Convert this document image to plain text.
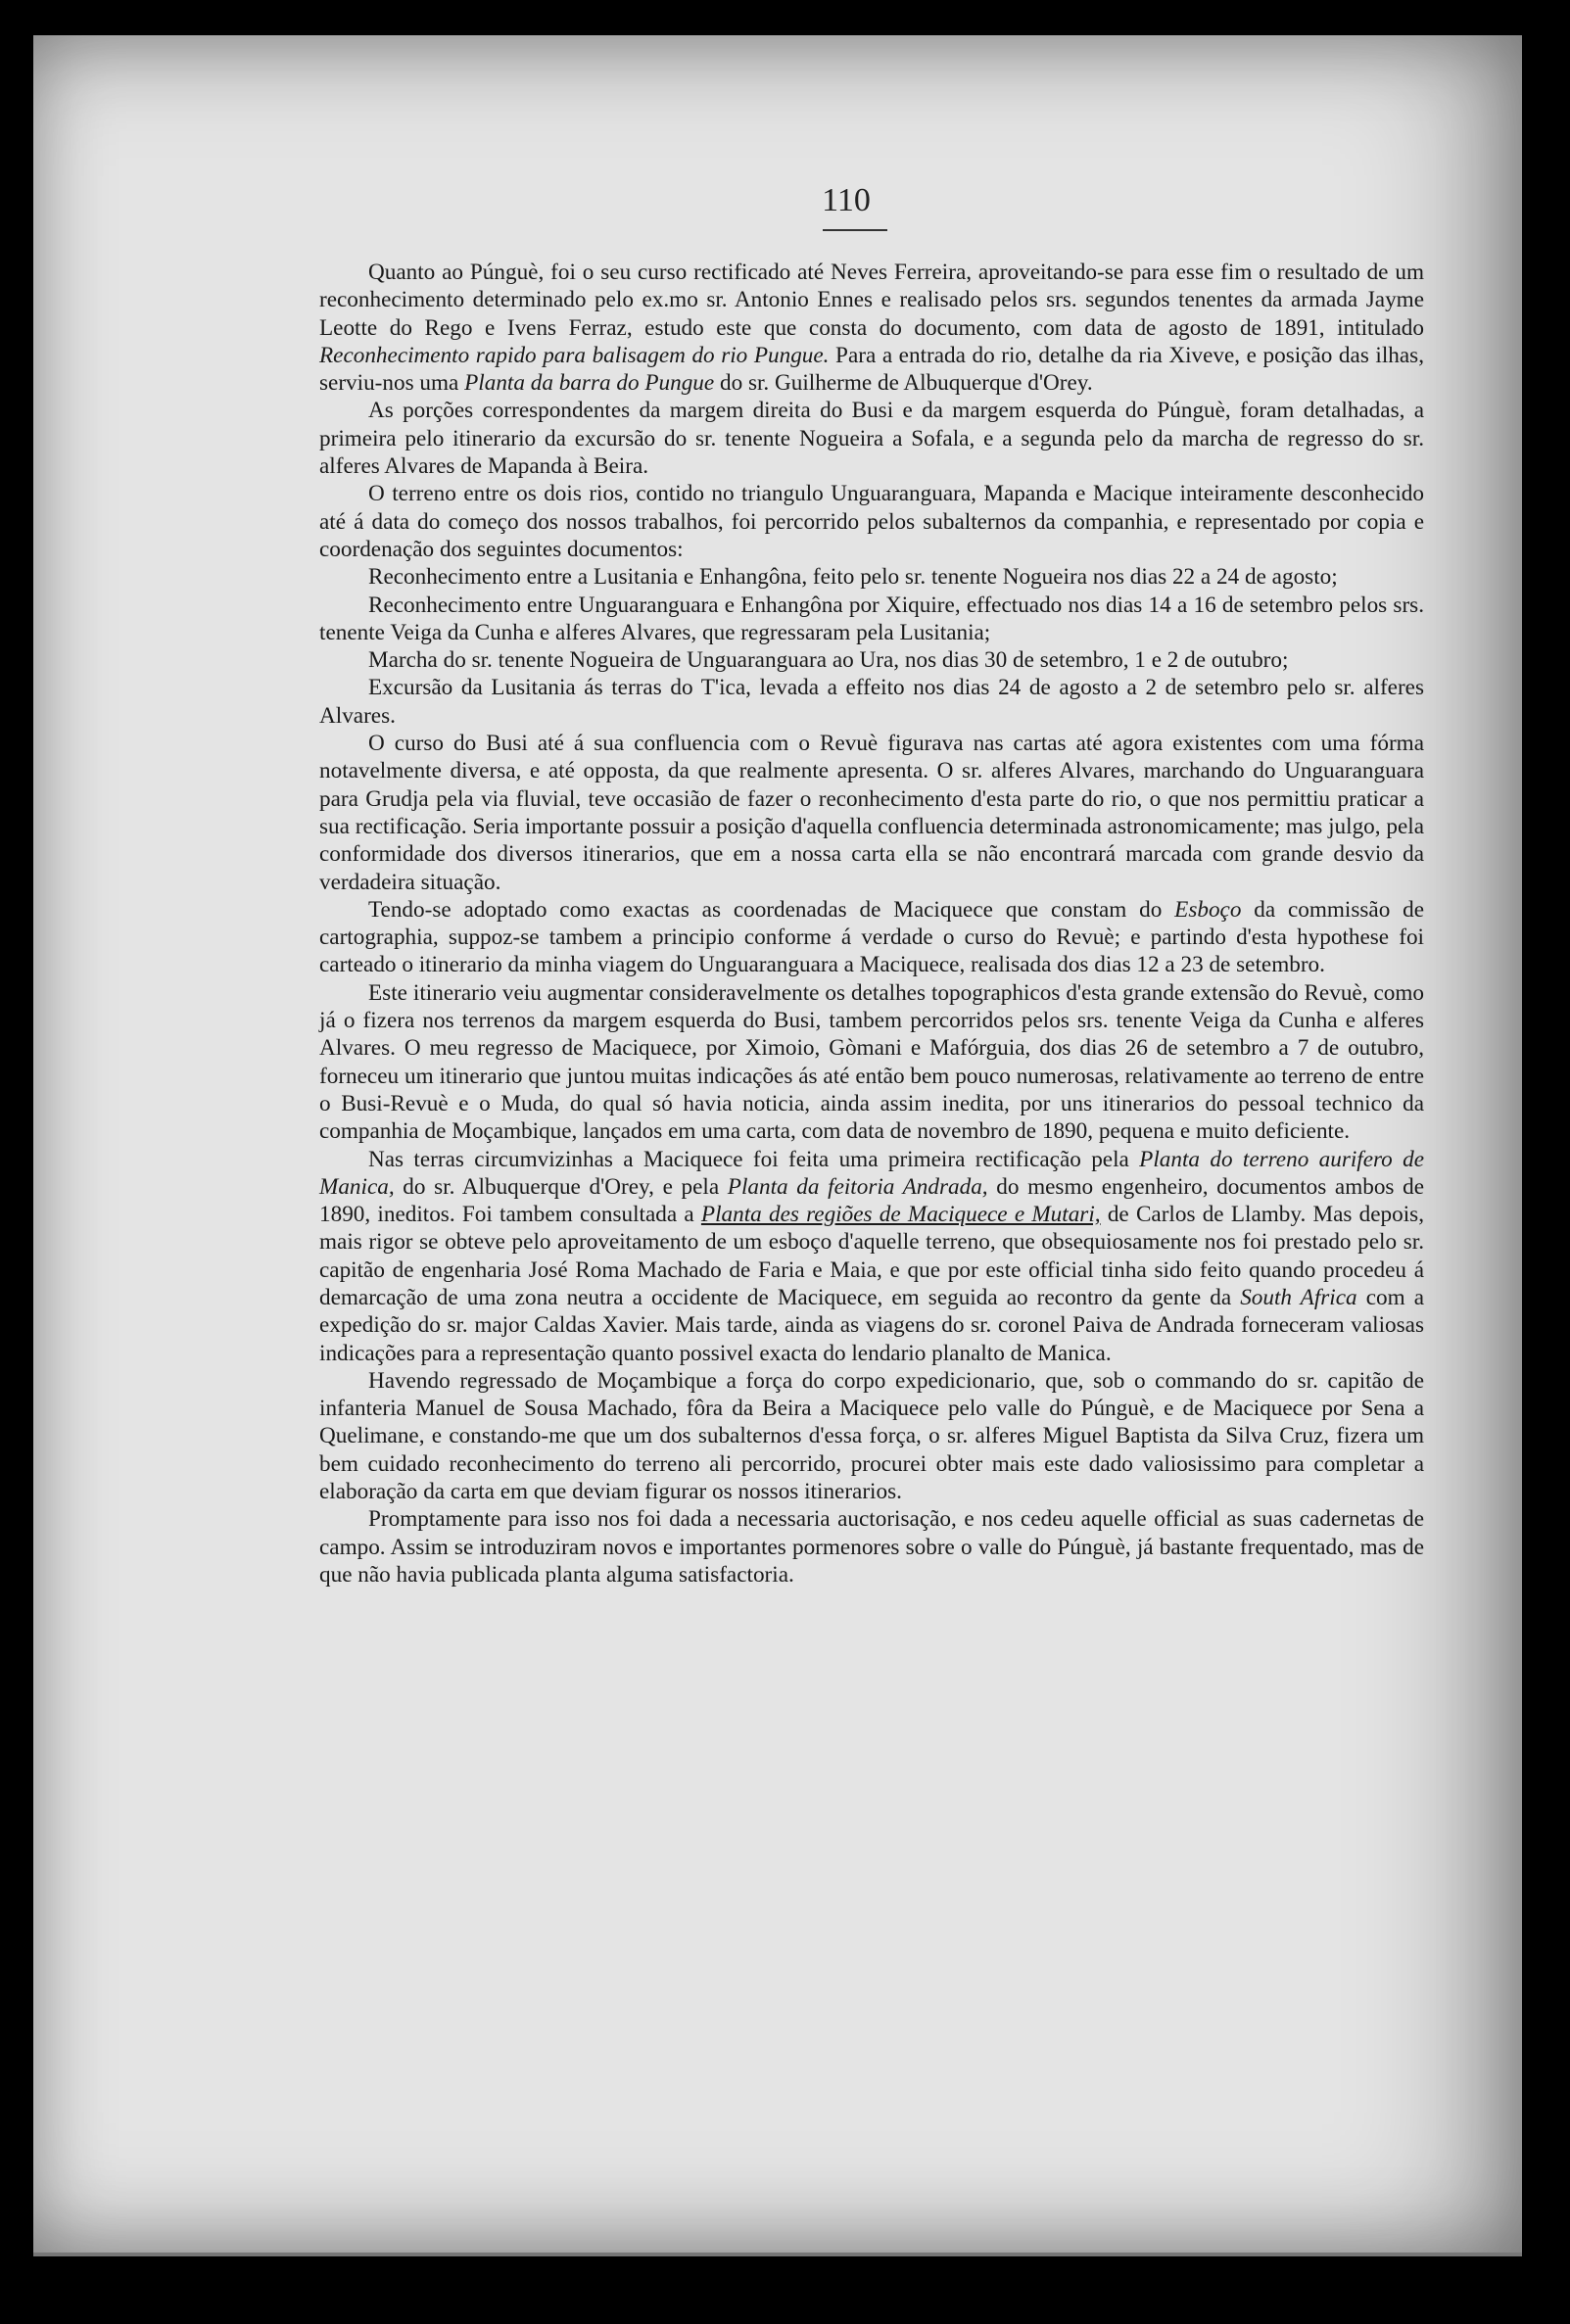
110

Quanto ao Púnguè, foi o seu curso rectificado até Neves Ferreira, aproveitando-se para esse fim o resultado de um reconhecimento determinado pelo ex.mo sr. Antonio Ennes e realisado pelos srs. segundos tenentes da armada Jayme Leotte do Rego e Ivens Ferraz, estudo este que consta do documento, com data de agosto de 1891, intitulado Reconhecimento rapido para balisagem do rio Pungue. Para a entrada do rio, detalhe da ria Xiveve, e posição das ilhas, serviu-nos uma Planta da barra do Pungue do sr. Guilherme de Albuquerque d'Orey.

As porções correspondentes da margem direita do Busi e da margem esquerda do Púnguè, foram detalhadas, a primeira pelo itinerario da excursão do sr. tenente Nogueira a Sofala, e a segunda pelo da marcha de regresso do sr. alferes Alvares de Mapanda à Beira.

O terreno entre os dois rios, contido no triangulo Unguaranguara, Mapanda e Macique inteiramente desconhecido até á data do começo dos nossos trabalhos, foi percorrido pelos subalternos da companhia, e representado por copia e coordenação dos seguintes documentos:

Reconhecimento entre a Lusitania e Enhangôna, feito pelo sr. tenente Nogueira nos dias 22 a 24 de agosto;

Reconhecimento entre Unguaranguara e Enhangôna por Xiquire, effectuado nos dias 14 a 16 de setembro pelos srs. tenente Veiga da Cunha e alferes Alvares, que regressaram pela Lusitania;

Marcha do sr. tenente Nogueira de Unguaranguara ao Ura, nos dias 30 de setembro, 1 e 2 de outubro;

Excursão da Lusitania ás terras do T'ica, levada a effeito nos dias 24 de agosto a 2 de setembro pelo sr. alferes Alvares.

O curso do Busi até á sua confluencia com o Revuè figurava nas cartas até agora existentes com uma fórma notavelmente diversa, e até opposta, da que realmente apresenta. O sr. alferes Alvares, marchando do Unguaranguara para Grudja pela via fluvial, teve occasião de fazer o reconhecimento d'esta parte do rio, o que nos permittiu praticar a sua rectificação. Seria importante possuir a posição d'aquella confluencia determinada astronomicamente; mas julgo, pela conformidade dos diversos itinerarios, que em a nossa carta ella se não encontrará marcada com grande desvio da verdadeira situação.

Tendo-se adoptado como exactas as coordenadas de Maciquece que constam do Esboço da commissão de cartographia, suppoz-se tambem a principio conforme á verdade o curso do Revuè; e partindo d'esta hypothese foi carteado o itinerario da minha viagem do Unguaranguara a Maciquece, realisada dos dias 12 a 23 de setembro.

Este itinerario veiu augmentar consideravelmente os detalhes topographicos d'esta grande extensão do Revuè, como já o fizera nos terrenos da margem esquerda do Busi, tambem percorridos pelos srs. tenente Veiga da Cunha e alferes Alvares. O meu regresso de Maciquece, por Ximoio, Gòmani e Mafórguia, dos dias 26 de setembro a 7 de outubro, forneceu um itinerario que juntou muitas indicações ás até então bem pouco numerosas, relativamente ao terreno de entre o Busi-Revuè e o Muda, do qual só havia noticia, ainda assim inedita, por uns itinerarios do pessoal technico da companhia de Moçambique, lançados em uma carta, com data de novembro de 1890, pequena e muito deficiente.

Nas terras circumvizinhas a Maciquece foi feita uma primeira rectificação pela Planta do terreno aurifero de Manica, do sr. Albuquerque d'Orey, e pela Planta da feitoria Andrada, do mesmo engenheiro, documentos ambos de 1890, ineditos. Foi tambem consultada a Planta des regiões de Maciquece e Mutari, de Carlos de Llamby. Mas depois, mais rigor se obteve pelo aproveitamento de um esboço d'aquelle terreno, que obsequiosamente nos foi prestado pelo sr. capitão de engenharia José Roma Machado de Faria e Maia, e que por este official tinha sido feito quando procedeu á demarcação de uma zona neutra a occidente de Maciquece, em seguida ao recontro da gente da South Africa com a expedição do sr. major Caldas Xavier. Mais tarde, ainda as viagens do sr. coronel Paiva de Andrada forneceram valiosas indicações para a representação quanto possivel exacta do lendario planalto de Manica.

Havendo regressado de Moçambique a força do corpo expedicionario, que, sob o commando do sr. capitão de infanteria Manuel de Sousa Machado, fôra da Beira a Maciquece pelo valle do Púnguè, e de Maciquece por Sena a Quelimane, e constando-me que um dos subalternos d'essa força, o sr. alferes Miguel Baptista da Silva Cruz, fizera um bem cuidado reconhecimento do terreno ali percorrido, procurei obter mais este dado valiosissimo para completar a elaboração da carta em que deviam figurar os nossos itinerarios.

Promptamente para isso nos foi dada a necessaria auctorisação, e nos cedeu aquelle official as suas cadernetas de campo. Assim se introduziram novos e importantes pormenores sobre o valle do Púnguè, já bastante frequentado, mas de que não havia publicada planta alguma satisfactoria.
